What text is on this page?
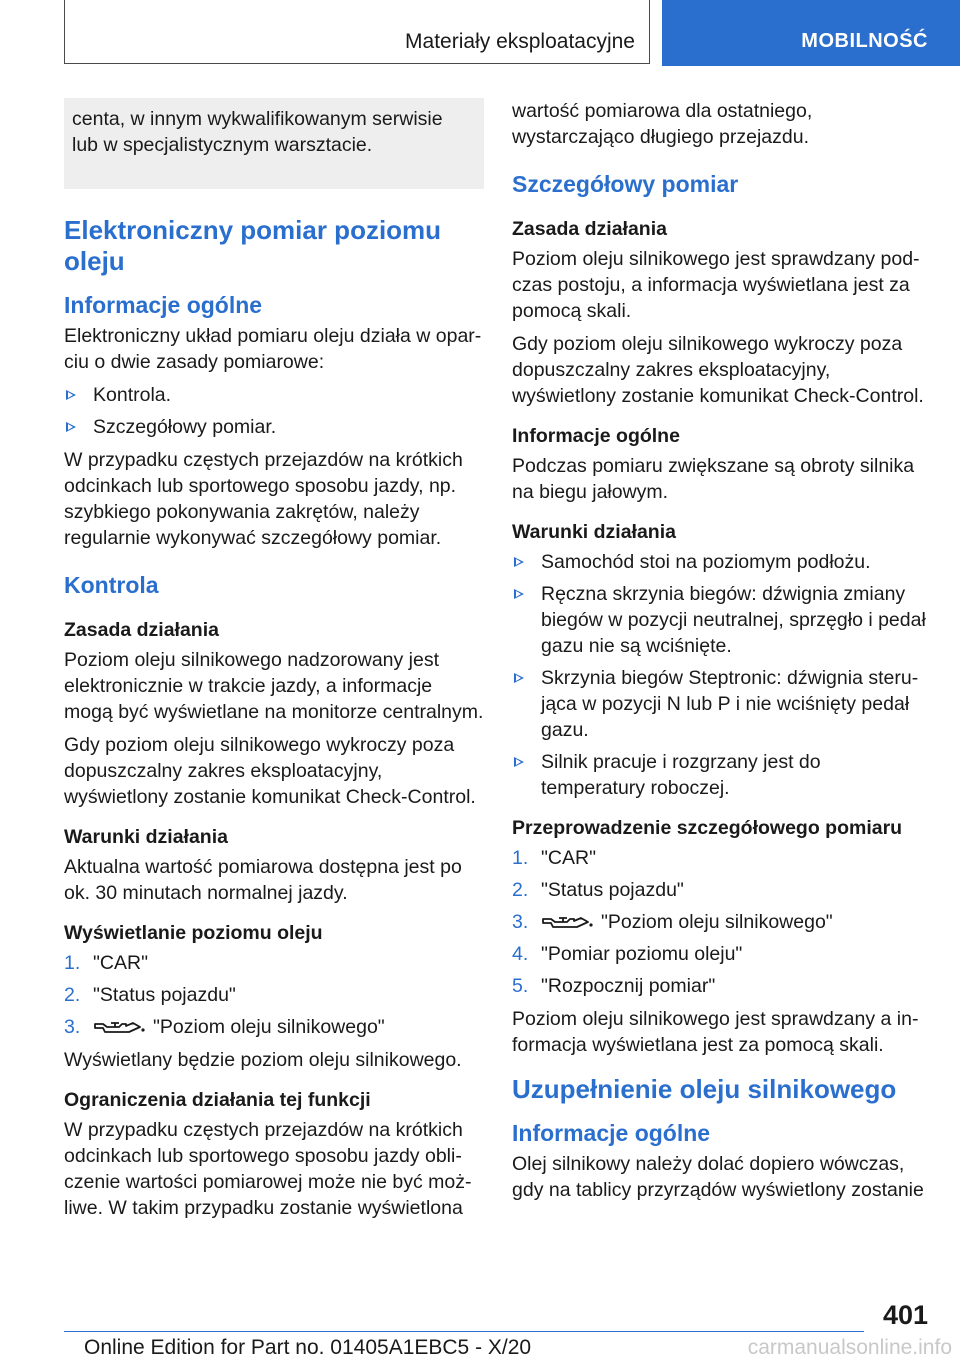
Materiały eksploatacyjne	MOBILNOŚĆ

centa, w innym wykwalifikowanym serwisie lub w specjalistycznym warsztacie.

Elektroniczny pomiar poziomu oleju
Informacje ogólne

Elektroniczny układ pomiaru oleju działa w oparciu o dwie zasady pomiarowe:

Kontrola.
Szczegółowy pomiar.

W przypadku częstych przejazdów na krótkich odcinkach lub sportowego sposobu jazdy, np. szybkiego pokonywania zakrętów, należy regularnie wykonywać szczegółowy pomiar.

Kontrola
Zasada działania

Poziom oleju silnikowego nadzorowany jest elektronicznie w trakcie jazdy, a informacje mogą być wyświetlane na monitorze centralnym.

Gdy poziom oleju silnikowego wykroczy poza dopuszczalny zakres eksploatacyjny, wyświetlony zostanie komunikat Check-Control.

Warunki działania

Aktualna wartość pomiarowa dostępna jest po ok. 30 minutach normalnej jazdy.

Wyświetlanie poziomu oleju
1. "CAR"
2. "Status pojazdu"
3.	"Poziom oleju silnikowego"

Wyświetlany będzie poziom oleju silnikowego.

Ograniczenia działania tej funkcji

W przypadku częstych przejazdów na krótkich odcinkach lub sportowego sposobu jazdy obliczenie wartości pomiarowej może nie być możliwe. W takim przypadku zostanie wyświetlona

wartość pomiarowa dla ostatniego, wystarczająco długiego przejazdu.

Szczegółowy pomiar
Zasada działania

Poziom oleju silnikowego jest sprawdzany podczas postoju, a informacja wyświetlana jest za pomocą skali.

Gdy poziom oleju silnikowego wykroczy poza dopuszczalny zakres eksploatacyjny, wyświetlony zostanie komunikat Check-Control.

Informacje ogólne

Podczas pomiaru zwiększane są obroty silnika na biegu jałowym.

Warunki działania
Samochód stoi na poziomym podłożu.
Ręczna skrzynia biegów: dźwignia zmiany biegów w pozycji neutralnej, sprzęgło i pedał gazu nie są wciśnięte.
Skrzynia biegów Steptronic: dźwignia sterująca w pozycji N lub P i nie wciśnięty pedał gazu.
Silnik pracuje i rozgrzany jest do temperatury roboczej.
Przeprowadzenie szczegółowego pomiaru
1. "CAR"
2. "Status pojazdu"
3.	"Poziom oleju silnikowego"
4. "Pomiar poziomu oleju"
5. "Rozpocznij pomiar"

Poziom oleju silnikowego jest sprawdzany a informacja wyświetlana jest za pomocą skali.

Uzupełnienie oleju silnikowego
Informacje ogólne

Olej silnikowy należy dolać dopiero wówczas, gdy na tablicy przyrządów wyświetlony zostanie

401
Online Edition for Part no. 01405A1EBC5 - X/20	carmanualsonline.info
